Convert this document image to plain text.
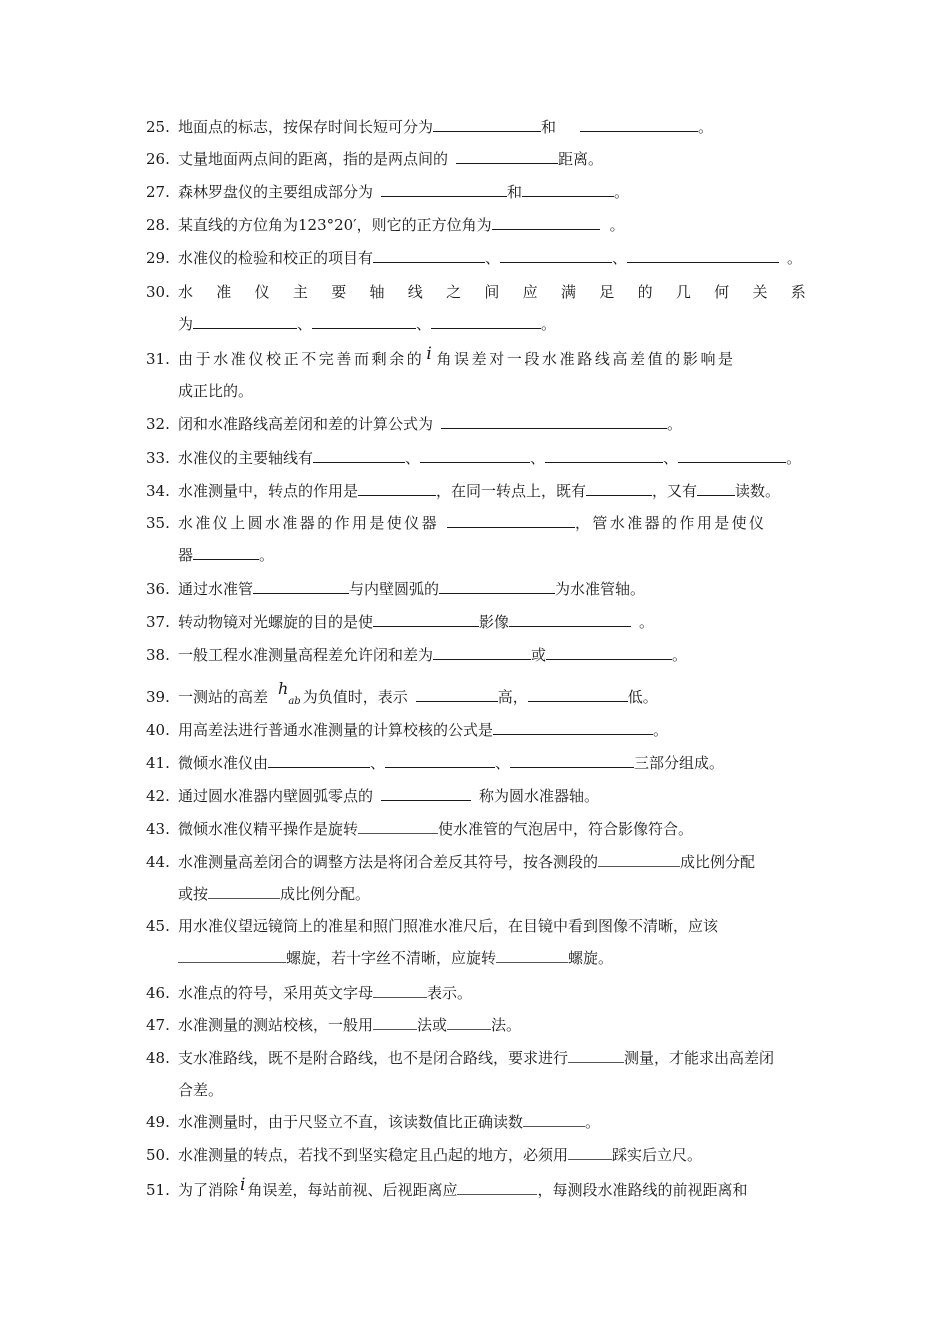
25. 地面点的标志，按保存时间长短可分为	和	。
26. 丈量地面两点间的距离，指的是两点间的	距离。
27. 森林罗盘仪的主要组成部分为	和	。
28. 某直线的方位角为123°20′，则它的正方位角为	。
29. 水准仪的检验和校正的项目有	、	、	。
30. 水 准 仪 主 要 轴 线 之 间 应 满 足 的 几 何 关 系
为	、	、	。
31. 由于水准仪校正不完善而剩余的 i 角误差对一段水准路线高差值的影响是
成正比的。
32. 闭和水准路线高差闭和差的计算公式为	。
33. 水准仪的主要轴线有	、	、	、	。
34. 水准测量中，转点的作用是	，在同一转点上，既有	，又有	读数。
35. 水准仪上圆水准器的作用是使仪器	，管水准器的作用是使仪
器	。
36. 通过水准管	与内壁圆弧的	为水准管轴。
37. 转动物镜对光螺旋的目的是使	影像	。
38. 一般工程水准测量高程差允许闭和差为	或	。
39. 一测站的高差 hab 为负值时，表示	高，	低。
40. 用高差法进行普通水准测量的计算校核的公式是	。
41. 微倾水准仪由	、	、	三部分组成。
42. 通过圆水准器内壁圆弧零点的	称为圆水准器轴。
43. 微倾水准仪精平操作是旋转	使水准管的气泡居中，符合影像符合。
44. 水准测量高差闭合的调整方法是将闭合差反其符号，按各测段的	成比例分配
或按	成比例分配。
45. 用水准仪望远镜筒上的准星和照门照准水准尺后，在目镜中看到图像不清晰，应该
螺旋，若十字丝不清晰，应旋转	螺旋。
46. 水准点的符号，采用英文字母	表示。
47. 水准测量的测站校核，一般用	法或	法。
48. 支水准路线，既不是附合路线，也不是闭合路线，要求进行	测量，才能求出高差闭
合差。
49. 水准测量时，由于尺竖立不直，该读数值比正确读数	。
50. 水准测量的转点，若找不到坚实稳定且凸起的地方，必须用	踩实后立尺。
51. 为了消除 i 角误差，每站前视、后视距离应	，每测段水准路线的前视距离和
